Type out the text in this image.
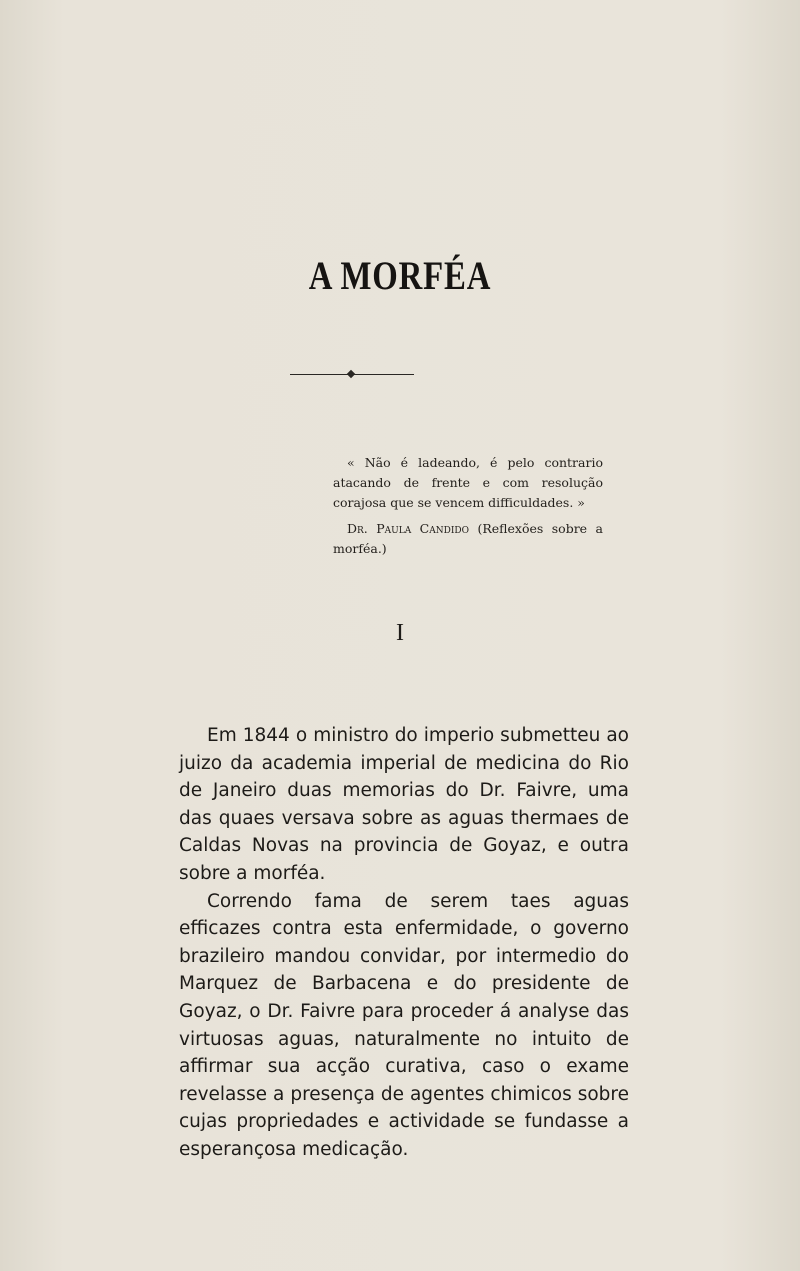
A MORFÉA

« Não é ladeando, é pelo contrario atacando de frente e com resolução corajosa que se vencem difficuldades. »

Dr. Paula Candido (Reflexões sobre a morféa.)

I

Em 1844 o ministro do imperio submetteu ao juizo da academia imperial de medicina do Rio de Janeiro duas memorias do Dr. Faivre, uma das quaes versava sobre as aguas thermaes de Caldas Novas na provincia de Goyaz, e outra sobre a morféa.

Correndo fama de serem taes aguas efficazes contra esta enfermidade, o governo brazileiro mandou convidar, por intermedio do Marquez de Barbacena e do presidente de Goyaz, o Dr. Faivre para proceder á analyse das virtuosas aguas, naturalmente no intuito de affirmar sua acção curativa, caso o exame revelasse a presença de agentes chimicos sobre cujas propriedades e actividade se fundasse a esperançosa medicação.
